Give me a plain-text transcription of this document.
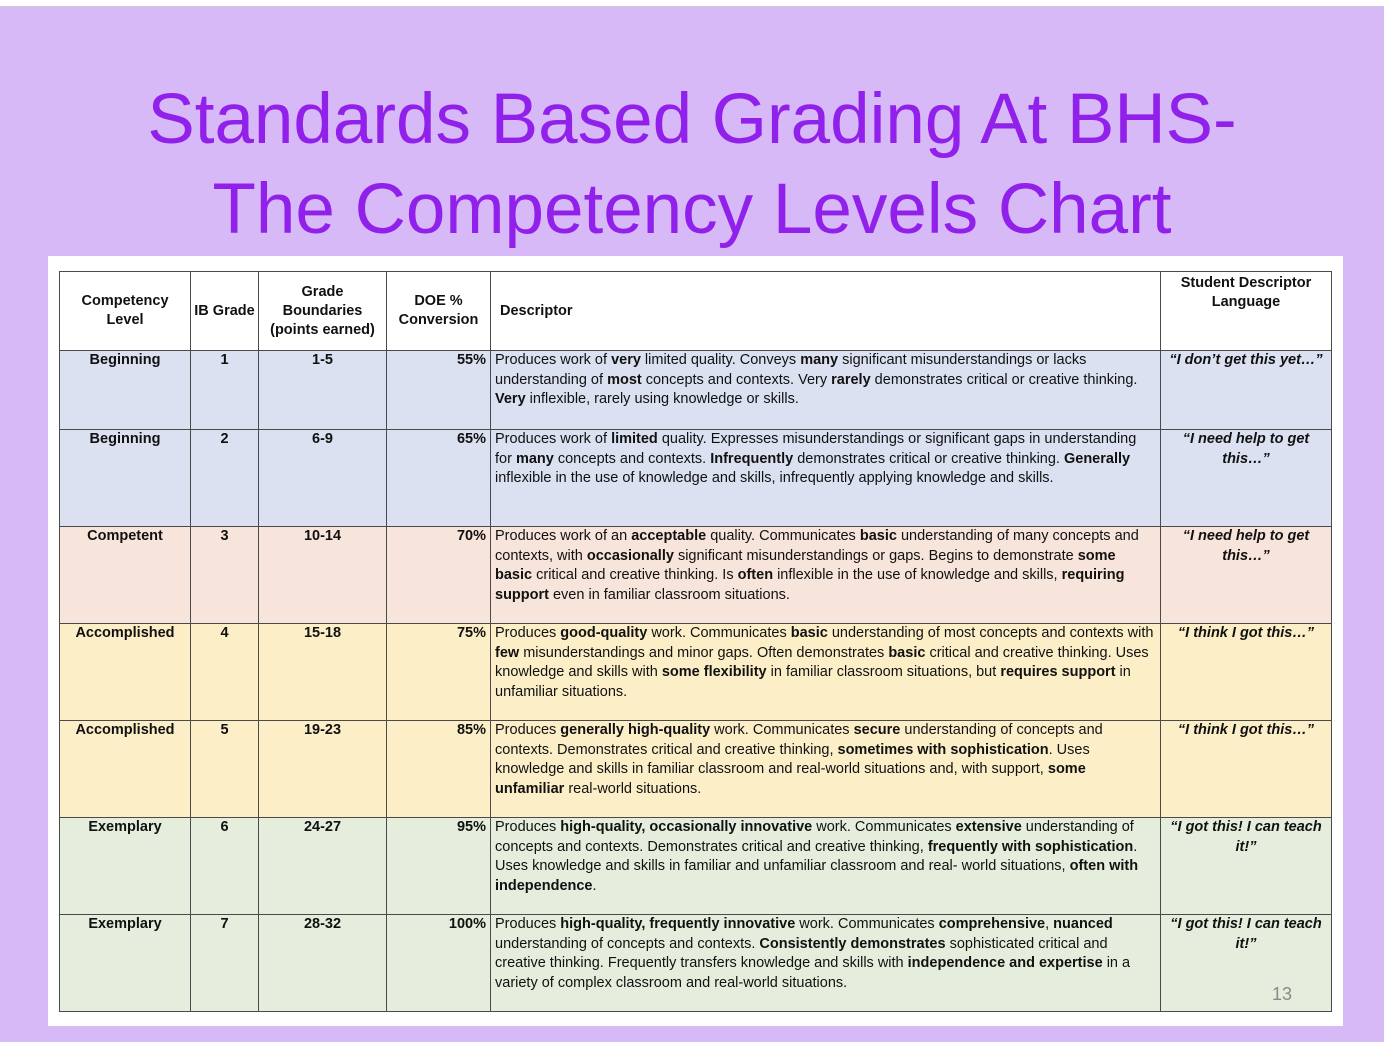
Standards Based Grading At BHS-
The Competency Levels Chart
Competency Level	IB Grade	Grade Boundaries (points earned)	DOE % Conversion	Descriptor	Student Descriptor Language
Beginning	1	1-5	55%	Produces work of very limited quality. Conveys many significant misunderstandings or lacks understanding of most concepts and contexts. Very rarely demonstrates critical or creative thinking. Very inflexible, rarely using knowledge or skills.	“I don’t get this yet…”
Beginning	2	6-9	65%	Produces work of limited quality. Expresses misunderstandings or significant gaps in understanding for many concepts and contexts. Infrequently demonstrates critical or creative thinking. Generally inflexible in the use of knowledge and skills, infrequently applying knowledge and skills.	“I need help to get this…”
Competent	3	10-14	70%	Produces work of an acceptable quality. Communicates basic understanding of many concepts and contexts, with occasionally significant misunderstandings or gaps. Begins to demonstrate some basic critical and creative thinking. Is often inflexible in the use of knowledge and skills, requiring support even in familiar classroom situations.	“I need help to get this…”
Accomplished	4	15-18	75%	Produces good-quality work. Communicates basic understanding of most concepts and contexts with few misunderstandings and minor gaps. Often demonstrates basic critical and creative thinking. Uses knowledge and skills with some flexibility in familiar classroom situations, but requires support in unfamiliar situations.	“I think I got this…”
Accomplished	5	19-23	85%	Produces generally high-quality work. Communicates secure understanding of concepts and contexts. Demonstrates critical and creative thinking, sometimes with sophistication. Uses knowledge and skills in familiar classroom and real-world situations and, with support, some unfamiliar real-world situations.	“I think I got this…”
Exemplary	6	24-27	95%	Produces high-quality, occasionally innovative work. Communicates extensive understanding of concepts and contexts. Demonstrates critical and creative thinking, frequently with sophistication. Uses knowledge and skills in familiar and unfamiliar classroom and real- world situations, often with independence.	“I got this! I can teach it!”
Exemplary	7	28-32	100%	Produces high-quality, frequently innovative work. Communicates comprehensive, nuanced understanding of concepts and contexts. Consistently demonstrates sophisticated critical and creative thinking. Frequently transfers knowledge and skills with independence and expertise in a variety of complex classroom and real-world situations.	“I got this! I can teach it!”
13
